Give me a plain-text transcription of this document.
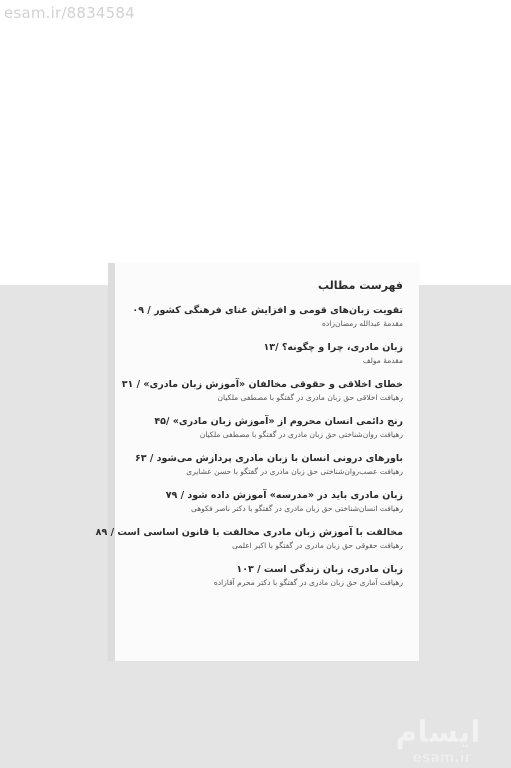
esam.ir/8834584
فهرست مطالب
تقویت زبان‌های قومی و افزایش غنای فرهنگی کشور / ۰۹
مقدمهٔ عبدالله رمضان‌زاده
زبان مادری، چرا و چگونه؟ /۱۳
مقدمهٔ مولف
خطای اخلاقی و حقوقی مخالفان «آموزش زبان مادری» / ۳۱
رهیافت اخلاقی حق زبان مادری در گفتگو با مصطفی ملکیان
رنج دائمی انسان محروم از «آموزش زبان مادری» /۴۵
رهیافت روان‌شناختی حق زبان مادری در گفتگو با مصطفی ملکیان
باورهای درونی انسان با زبان مادری پردازش می‌شود / ۶۳
رهیافت عصب‌روان‌شناختی حق زبان مادری در گفتگو با حسن عشایری
زبان مادری باید در «مدرسه» آموزش داده شود / ۷۹
رهیافت انسان‌شناختی حق زبان مادری در گفتگو با دکتر ناصر فکوهی
مخالفت با آموزش زبان مادری مخالفت با قانون اساسی است / ۸۹
رهیافت حقوقی حق زبان مادری در گفتگو با اکبر اعلمی
زبان مادری، زبان زندگی است / ۱۰۳
رهیافت آماری حق زبان مادری در گفتگو با دکتر محرم آقازاده
ایسام
esam.ir
